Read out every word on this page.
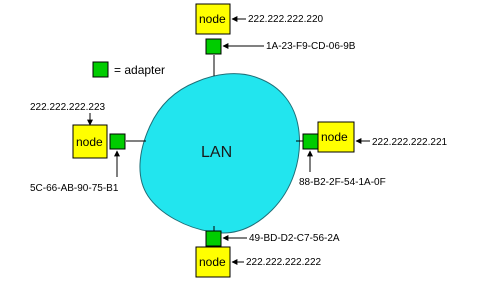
LAN
node 222.222.222.220
1A-23-F9-CD-06-9B
node 222.222.222.221
88-B2-2F-54-1A-0F
node
49-BD-D2-C7-56-2A
222.222.222.222
node
222.222.222.223
5C-66-AB-90-75-B1
= adapter
